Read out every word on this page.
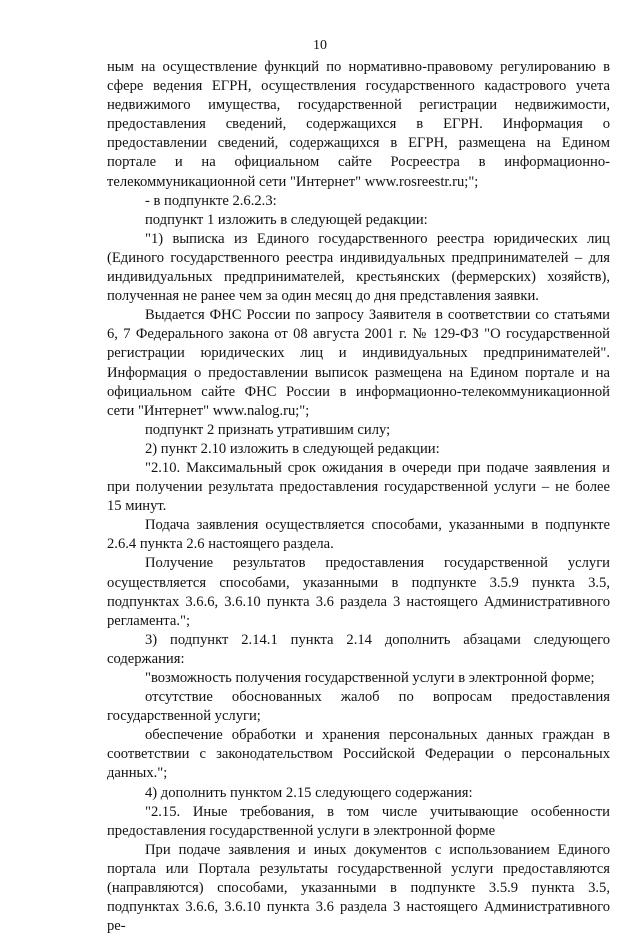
10

ным на осуществление функций по нормативно-правовому регулированию в сфере ведения ЕГРН, осуществления государственного кадастрового учета недвижимого имущества, государственной регистрации недвижимости, предоставления сведений, содержащихся в ЕГРН. Информация о предоставлении сведений, содержащихся в ЕГРН, размещена на Едином портале и на официальном сайте Росреестра в информационно-телекоммуникационной сети "Интернет" www.rosreestr.ru;";

- в подпункте 2.6.2.3:

подпункт 1 изложить в следующей редакции:

"1) выписка из Единого государственного реестра юридических лиц (Единого государственного реестра индивидуальных предпринимателей – для индивидуальных предпринимателей, крестьянских (фермерских) хозяйств), полученная не ранее чем за один месяц до дня представления заявки.

Выдается ФНС России по запросу Заявителя в соответствии со статьями 6, 7 Федерального закона от 08 августа 2001 г. № 129-ФЗ "О государственной регистрации юридических лиц и индивидуальных предпринимателей". Информация о предоставлении выписок размещена на Едином портале и на официальном сайте ФНС России в информационно-телекоммуникационной сети "Интернет" www.nalog.ru;";

подпункт 2 признать утратившим силу;

2) пункт 2.10 изложить в следующей редакции:

"2.10. Максимальный срок ожидания в очереди при подаче заявления и при получении результата предоставления государственной услуги – не более 15 минут.

Подача заявления осуществляется способами, указанными в подпункте 2.6.4 пункта 2.6 настоящего раздела.

Получение результатов предоставления государственной услуги осуществляется способами, указанными в подпункте 3.5.9 пункта 3.5, подпунктах 3.6.6, 3.6.10 пункта 3.6 раздела 3 настоящего Административного регламента.";

3) подпункт 2.14.1 пункта 2.14 дополнить абзацами следующего содержания:

"возможность получения государственной услуги в электронной форме;

отсутствие обоснованных жалоб по вопросам предоставления государственной услуги;

обеспечение обработки и хранения персональных данных граждан в соответствии с законодательством Российской Федерации о персональных данных.";

4) дополнить пунктом 2.15 следующего содержания:

"2.15. Иные требования, в том числе учитывающие особенности предоставления государственной услуги в электронной форме

При подаче заявления и иных документов с использованием Единого портала или Портала результаты государственной услуги предоставляются (направляются) способами, указанными в подпункте 3.5.9 пункта 3.5, подпунктах 3.6.6, 3.6.10 пункта 3.6 раздела 3 настоящего Административного ре-
